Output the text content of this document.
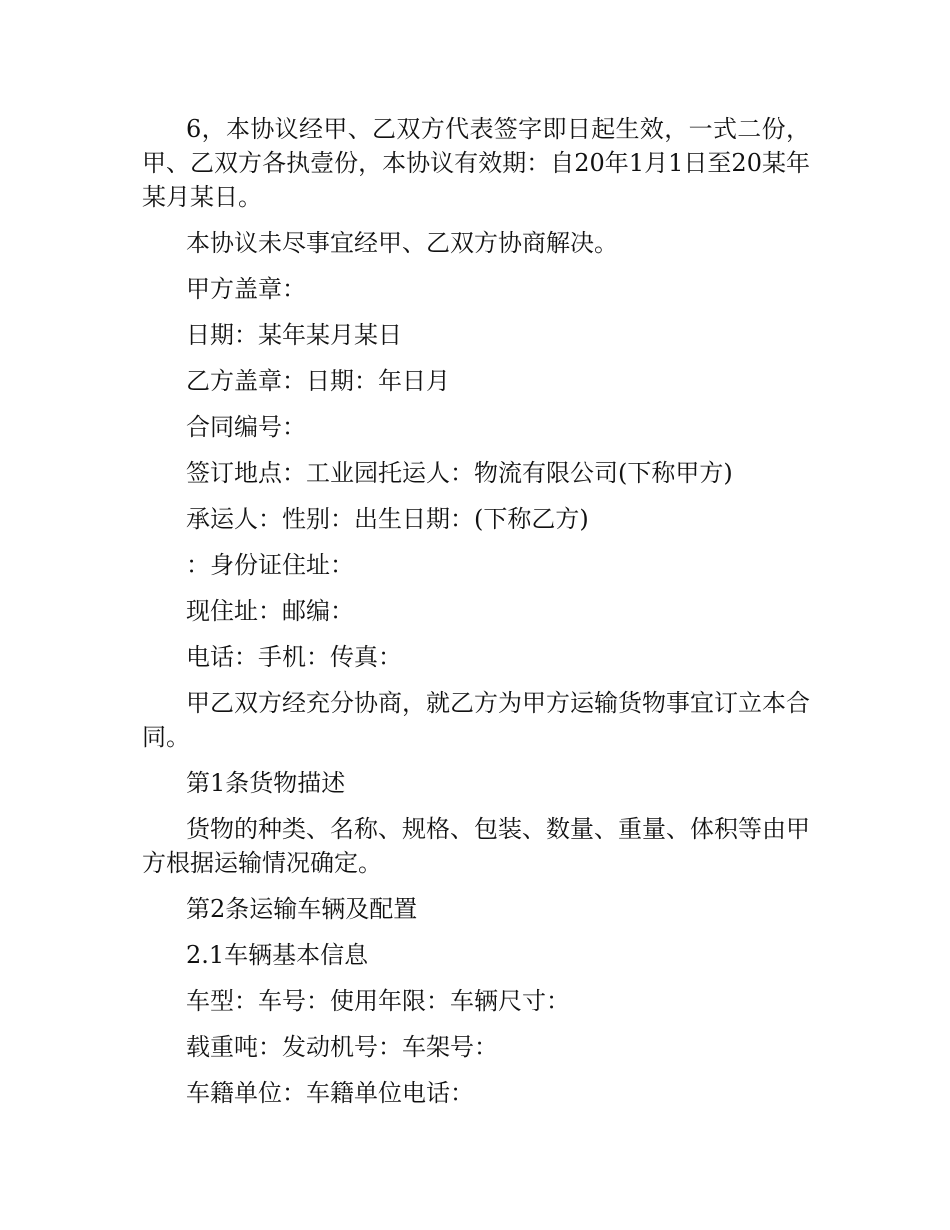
6，本协议经甲、乙双方代表签字即日起生效，一式二份，甲、乙双方各执壹份，本协议有效期：自20年1月1日至20某年某月某日。

本协议未尽事宜经甲、乙双方协商解决。

甲方盖章：

日期：某年某月某日

乙方盖章：日期：年日月

合同编号：

签订地点：工业园托运人：物流有限公司(下称甲方)

承运人：性别：出生日期：(下称乙方)

：身份证住址：

现住址：邮编：

电话：手机：传真：

甲乙双方经充分协商，就乙方为甲方运输货物事宜订立本合同。

第1条货物描述

货物的种类、名称、规格、包装、数量、重量、体积等由甲方根据运输情况确定。

第2条运输车辆及配置

2.1车辆基本信息

车型：车号：使用年限：车辆尺寸：

载重吨：发动机号：车架号：

车籍单位：车籍单位电话：
